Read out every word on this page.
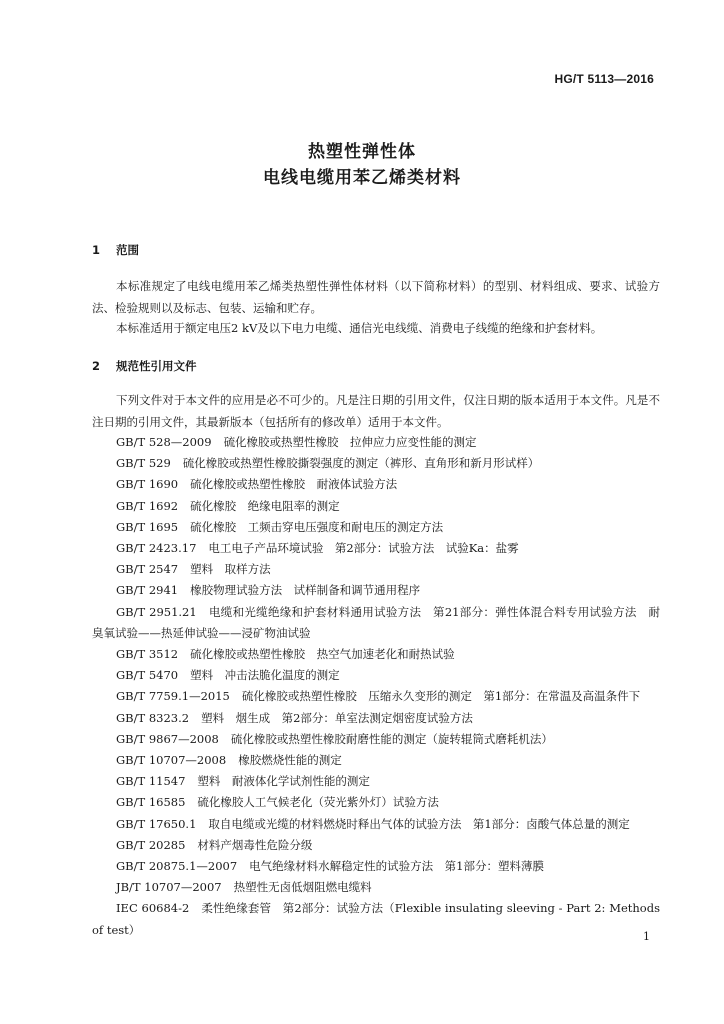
HG/T 5113—2016
热塑性弹性体
电线电缆用苯乙烯类材料
1 范围
本标准规定了电线电缆用苯乙烯类热塑性弹性体材料（以下简称材料）的型别、材料组成、要求、试验方法、检验规则以及标志、包装、运输和贮存。
本标准适用于额定电压2 kV及以下电力电缆、通信光电线缆、消费电子线缆的绝缘和护套材料。
2 规范性引用文件
下列文件对于本文件的应用是必不可少的。凡是注日期的引用文件，仅注日期的版本适用于本文件。凡是不注日期的引用文件，其最新版本（包括所有的修改单）适用于本文件。
GB/T 528—2009 硫化橡胶或热塑性橡胶　拉伸应力应变性能的测定
GB/T 529 硫化橡胶或热塑性橡胶撕裂强度的测定（裤形、直角形和新月形试样）
GB/T 1690 硫化橡胶或热塑性橡胶　耐液体试验方法
GB/T 1692 硫化橡胶　绝缘电阻率的测定
GB/T 1695 硫化橡胶　工频击穿电压强度和耐电压的测定方法
GB/T 2423.17 电工电子产品环境试验　第2部分：试验方法　试验Ka：盐雾
GB/T 2547 塑料　取样方法
GB/T 2941 橡胶物理试验方法　试样制备和调节通用程序
GB/T 2951.21 电缆和光缆绝缘和护套材料通用试验方法　第21部分：弹性体混合料专用试验方法　耐臭氧试验——热延伸试验——浸矿物油试验
GB/T 3512 硫化橡胶或热塑性橡胶　热空气加速老化和耐热试验
GB/T 5470 塑料　冲击法脆化温度的测定
GB/T 7759.1—2015 硫化橡胶或热塑性橡胶　压缩永久变形的测定　第1部分：在常温及高温条件下
GB/T 8323.2 塑料　烟生成　第2部分：单室法测定烟密度试验方法
GB/T 9867—2008 硫化橡胶或热塑性橡胶耐磨性能的测定（旋转辊筒式磨耗机法）
GB/T 10707—2008 橡胶燃烧性能的测定
GB/T 11547 塑料　耐液体化学试剂性能的测定
GB/T 16585 硫化橡胶人工气候老化（荧光紫外灯）试验方法
GB/T 17650.1 取自电缆或光缆的材料燃烧时释出气体的试验方法　第1部分：卤酸气体总量的测定
GB/T 20285 材料产烟毒性危险分级
GB/T 20875.1—2007 电气绝缘材料水解稳定性的试验方法　第1部分：塑料薄膜
JB/T 10707—2007 热塑性无卤低烟阻燃电缆料
IEC 60684-2 柔性绝缘套管　第2部分：试验方法（Flexible insulating sleeving - Part 2: Methods of test）	1
